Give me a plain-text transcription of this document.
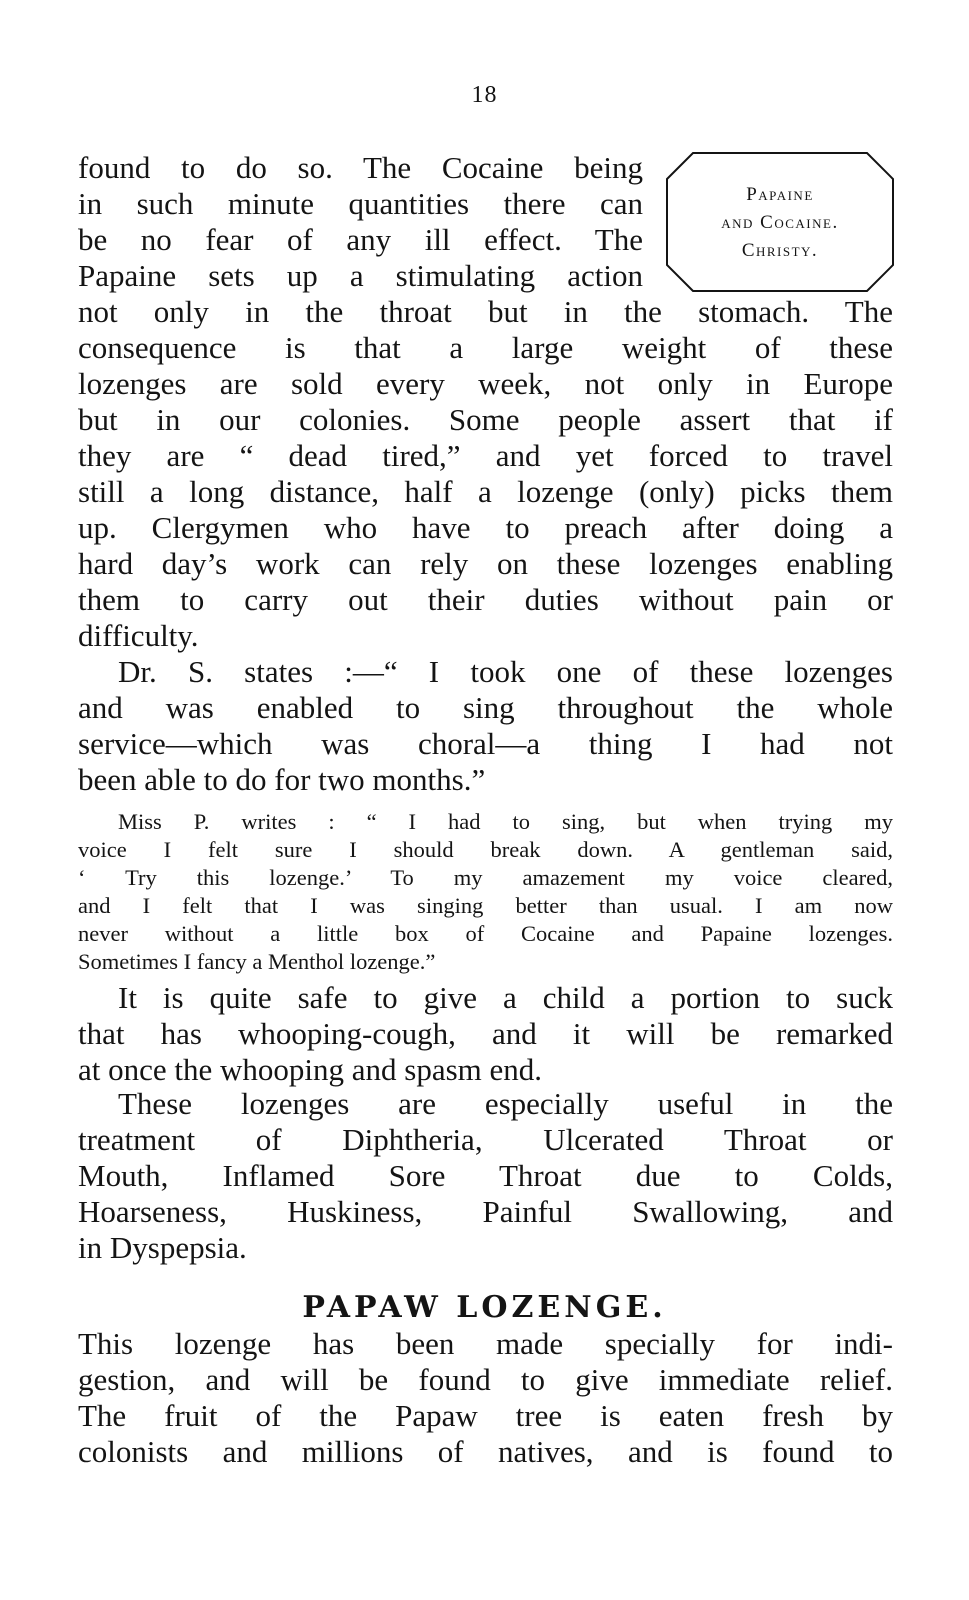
18
Papaine
and Cocaine.
Christy.
found to do so. The Cocaine being
in such minute quantities there can
be no fear of any ill effect. The
Papaine sets up a stimulating action
not only in the throat but in the stomach. The
consequence is that a large weight of these
lozenges are sold every week, not only in Europe
but in our colonies. Some people assert that if
they are “ dead tired,” and yet forced to travel
still a long distance, half a lozenge (only) picks them
up. Clergymen who have to preach after doing a
hard day’s work can rely on these lozenges enabling
them to carry out their duties without pain or
difficulty.
Dr. S. states :—“ I took one of these lozenges
and was enabled to sing throughout the whole
service—which was choral—a thing I had not
been able to do for two months.”
Miss P. writes : “ I had to sing, but when trying my
voice I felt sure I should break down. A gentleman said,
‘ Try this lozenge.’ To my amazement my voice cleared,
and I felt that I was singing better than usual. I am now
never without a little box of Cocaine and Papaine lozenges.
Sometimes I fancy a Menthol lozenge.”
It is quite safe to give a child a portion to suck
that has whooping-cough, and it will be remarked
at once the whooping and spasm end.
These lozenges are especially useful in the
treatment of Diphtheria, Ulcerated Throat or
Mouth, Inflamed Sore Throat due to Colds,
Hoarseness, Huskiness, Painful Swallowing, and
in Dyspepsia.
PAPAW LOZENGE.
This lozenge has been made specially for indi-
gestion, and will be found to give immediate relief.
The fruit of the Papaw tree is eaten fresh by
colonists and millions of natives, and is found to
